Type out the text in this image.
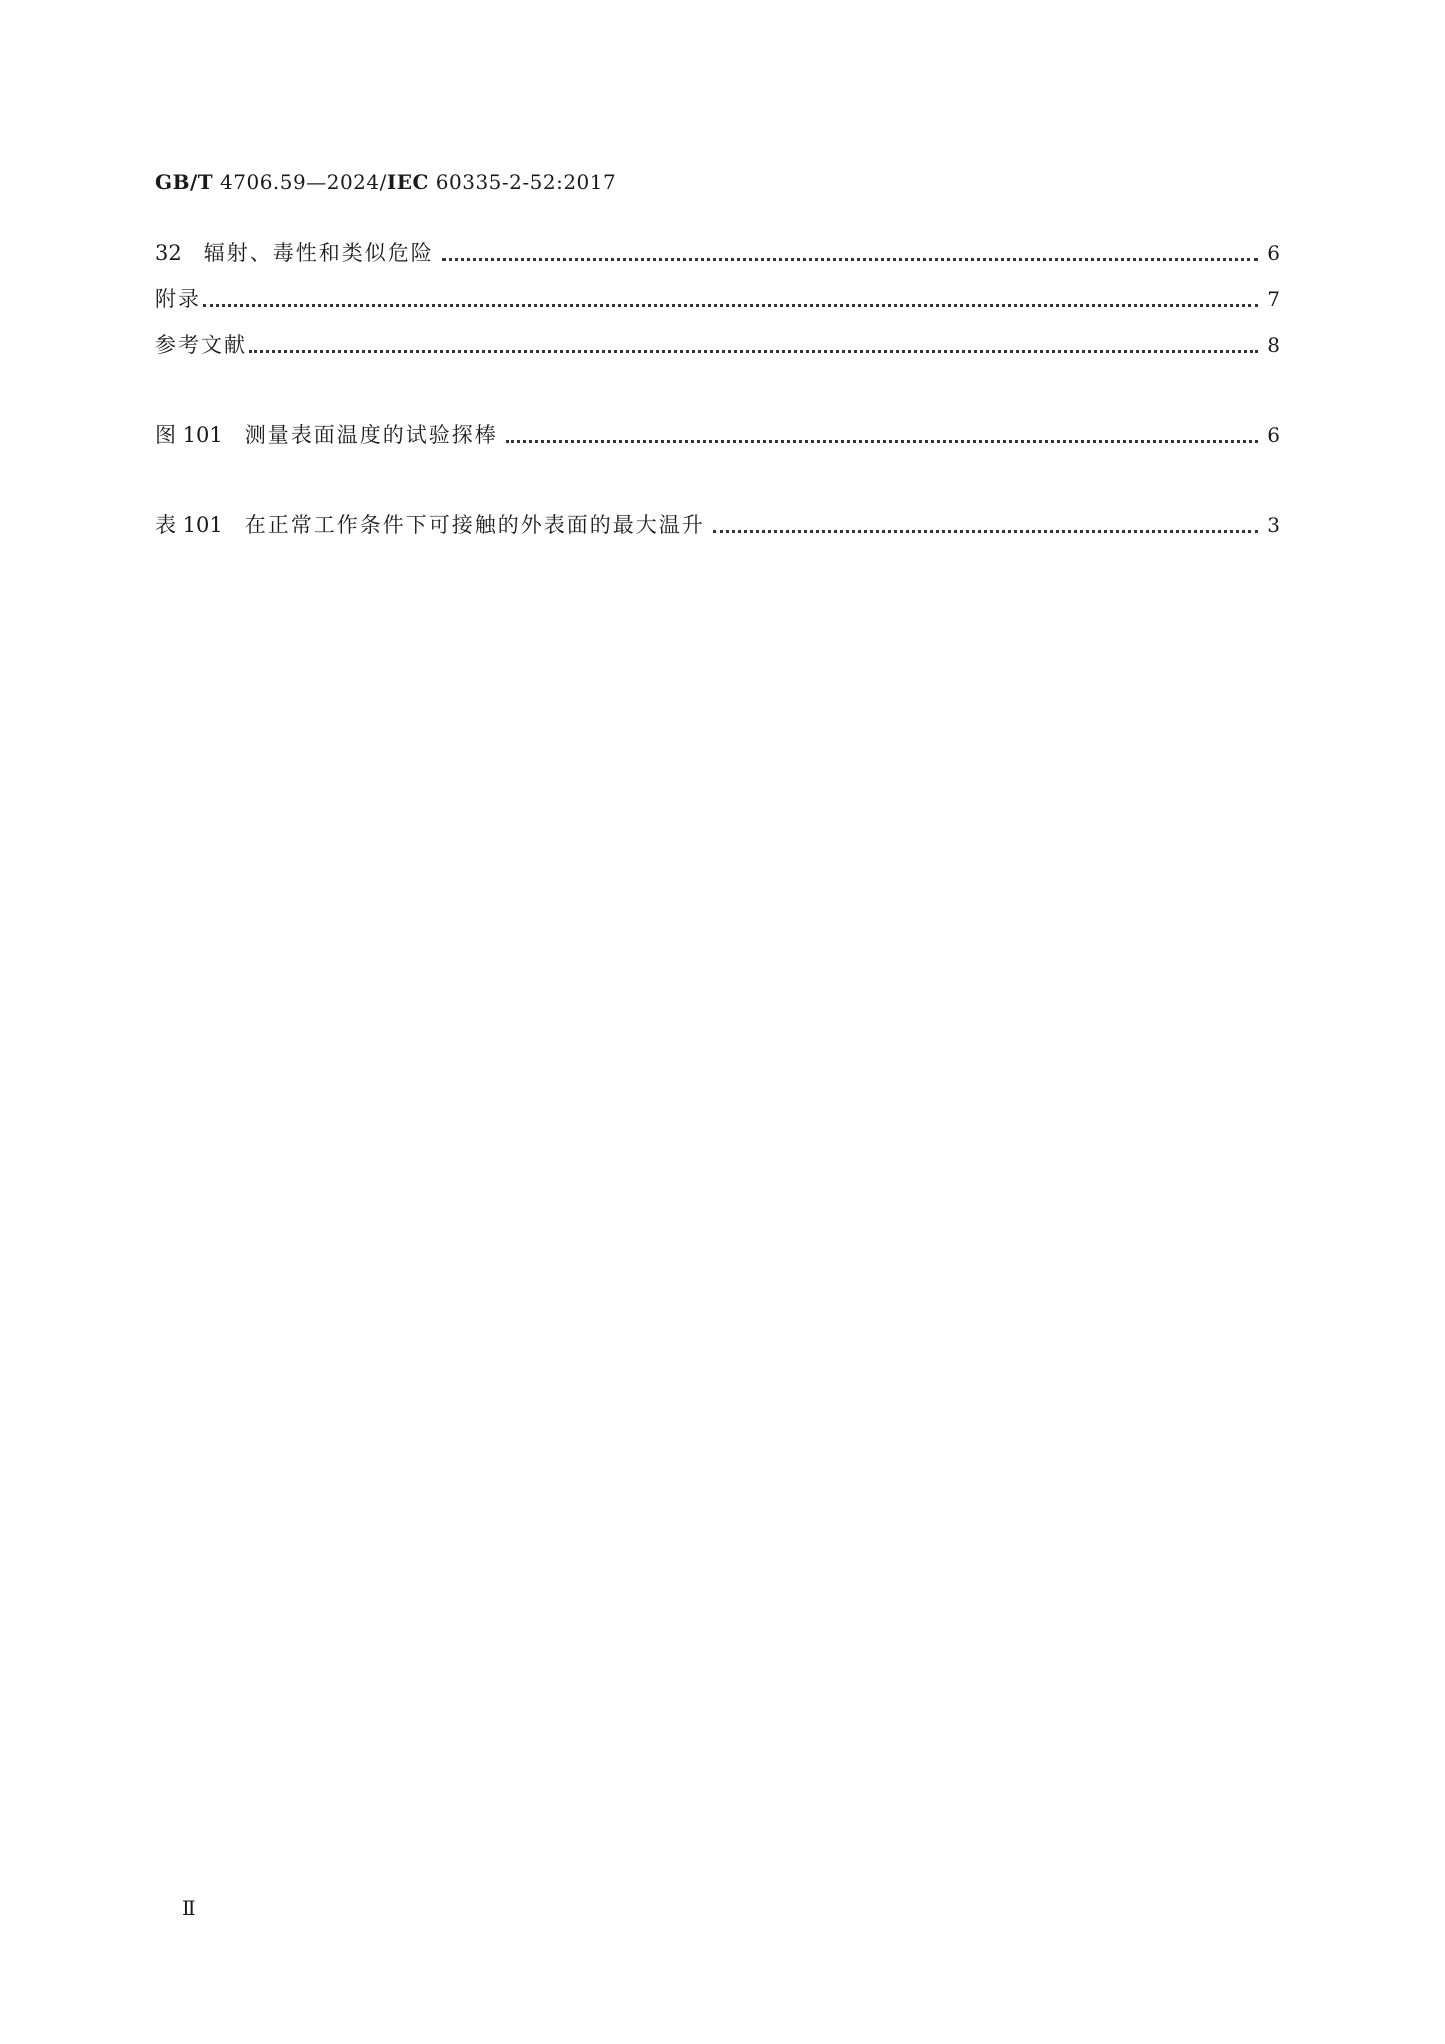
GB/T 4706.59—2024/IEC 60335-2-52:2017
32 辐射、毒性和类似危险	6
附录	7
参考文献	8
图 101 测量表面温度的试验探棒	6
表 101 在正常工作条件下可接触的外表面的最大温升	3
Ⅱ
